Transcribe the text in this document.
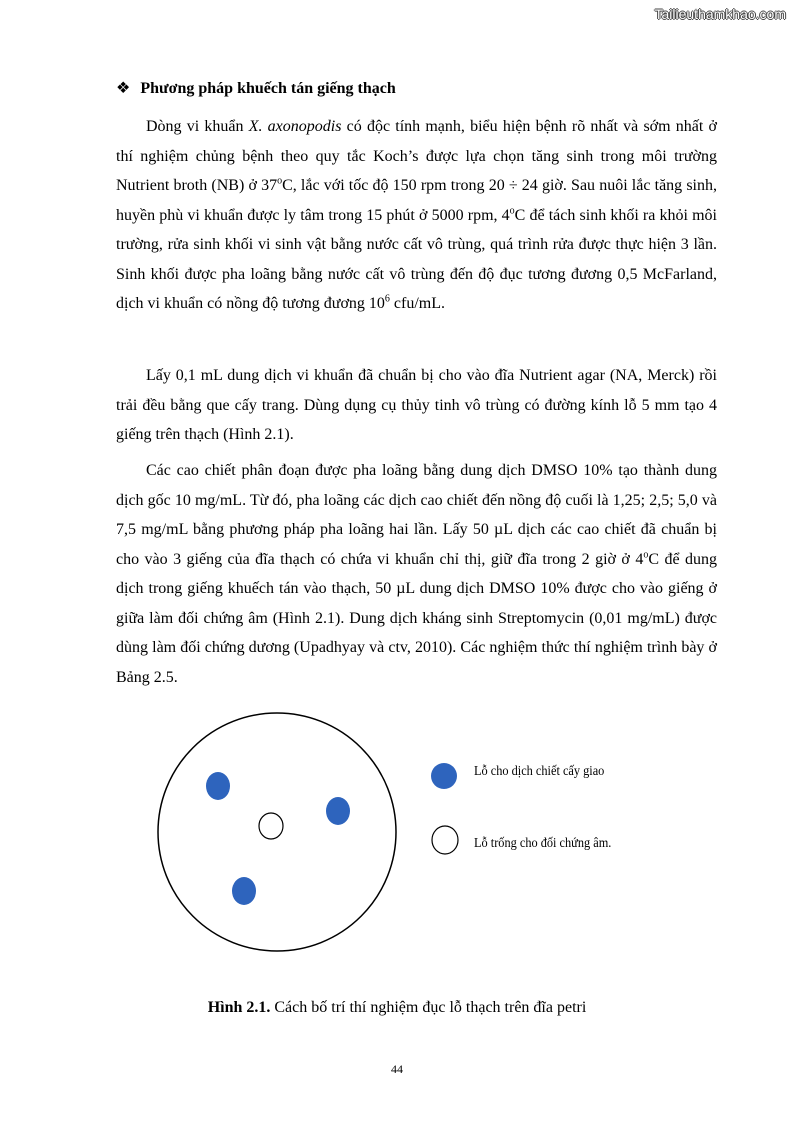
Tailieuthamkhao.com
❖ Phương pháp khuếch tán giếng thạch

Dòng vi khuẩn X. axonopodis có độc tính mạnh, biểu hiện bệnh rõ nhất và sớm nhất ở thí nghiệm chủng bệnh theo quy tắc Koch’s được lựa chọn tăng sinh trong môi trường Nutrient broth (NB) ở 37$^o$C, lắc với tốc độ 150 rpm trong 20 ÷ 24 giờ. Sau nuôi lắc tăng sinh, huyền phù vi khuẩn được ly tâm trong 15 phút ở 5000 rpm, 4$^o$C để tách sinh khối ra khỏi môi trường, rửa sinh khối vi sinh vật bằng nước cất vô trùng, quá trình rửa được thực hiện 3 lần. Sinh khối được pha loãng bằng nước cất vô trùng đến độ đục tương đương 0,5 McFarland, dịch vi khuẩn có nồng độ tương đương $10^6$ cfu/mL.

Lấy 0,1 mL dung dịch vi khuẩn đã chuẩn bị cho vào đĩa Nutrient agar (NA, Merck) rồi trải đều bằng que cấy trang. Dùng dụng cụ thủy tinh vô trùng có đường kính lỗ 5 mm tạo 4 giếng trên thạch (Hình 2.1).

Các cao chiết phân đoạn được pha loãng bằng dung dịch DMSO 10% tạo thành dung dịch gốc 10 mg/mL. Từ đó, pha loãng các dịch cao chiết đến nồng độ cuối là 1,25; 2,5; 5,0 và 7,5 mg/mL bằng phương pháp pha loãng hai lần. Lấy 50 µL dịch các cao chiết đã chuẩn bị cho vào 3 giếng của đĩa thạch có chứa vi khuẩn chỉ thị, giữ đĩa trong 2 giờ ở 4$^o$C để dung dịch trong giếng khuếch tán vào thạch, 50 µL dung dịch DMSO 10% được cho vào giếng ở giữa làm đối chứng âm (Hình 2.1). Dung dịch kháng sinh Streptomycin (0,01 mg/mL) được dùng làm đối chứng dương (Upadhyay và ctv, 2010). Các nghiệm thức thí nghiệm trình bày ở Bảng 2.5.

Lỗ cho dịch chiết cấy giao
Lỗ trống cho đối chứng âm.
Hình 2.1. Cách bố trí thí nghiệm đục lỗ thạch trên đĩa petri
44
